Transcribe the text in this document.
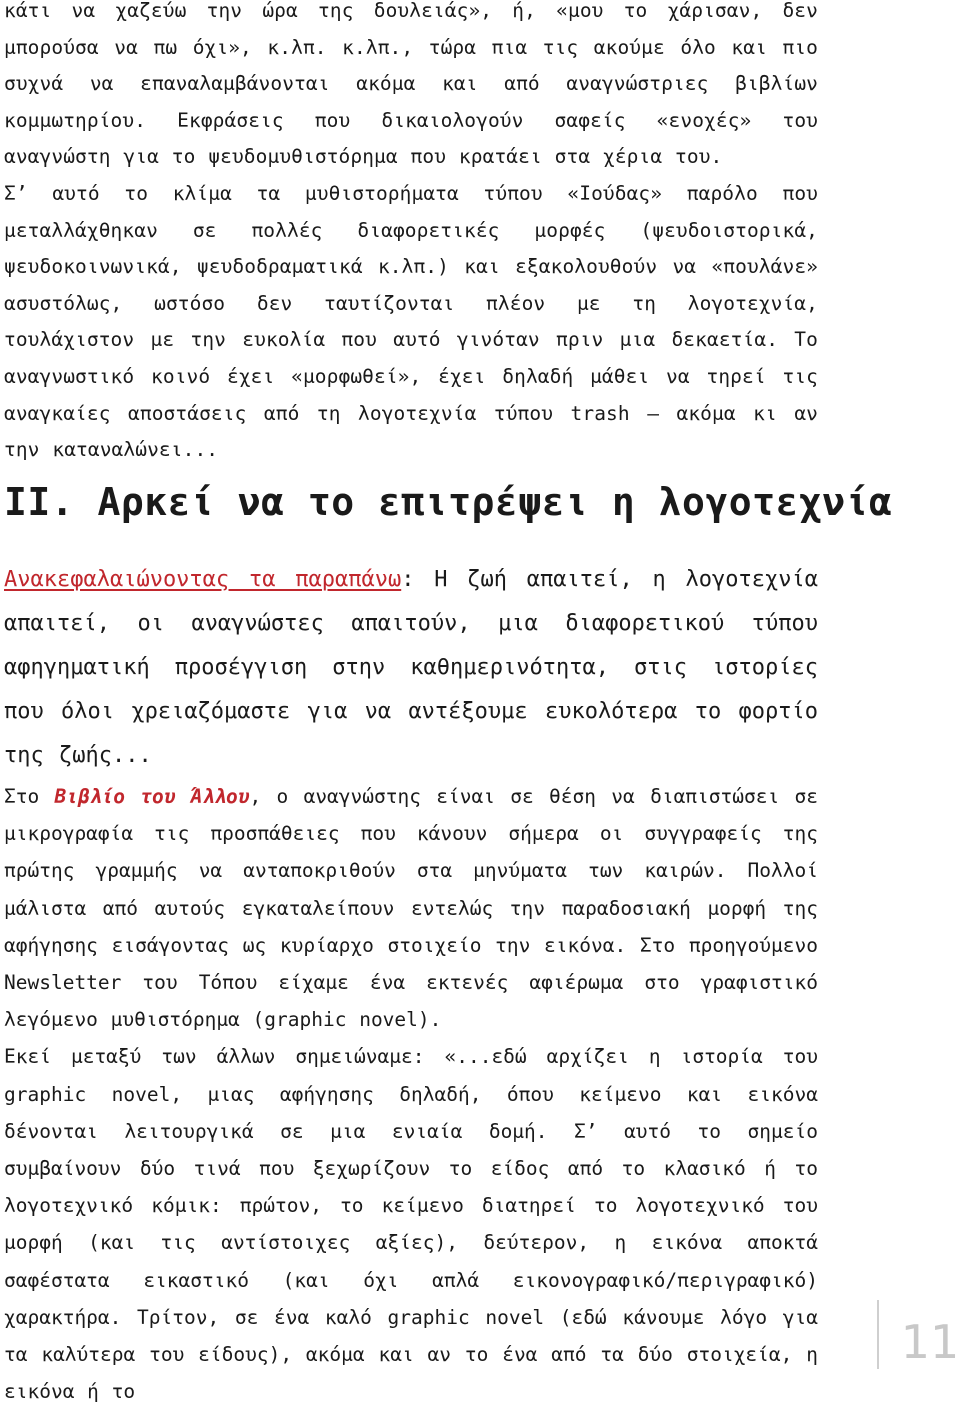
κάτι να χαζεύω την ώρα της δουλειάς», ή, «μου το χάρισαν, δεν μπορούσα να πω όχι», κ.λπ. κ.λπ., τώρα πια τις ακούμε όλο και πιο συχνά να επαναλαμβάνονται ακόμα και από αναγνώστριες βιβλίων κομμωτηρίου. Εκφράσεις που δικαιολογούν σαφείς «ενοχές» του αναγνώστη για το ψευδομυθιστόρημα που κρατάει στα χέρια του.

Σ’ αυτό το κλίμα τα μυθιστορήματα τύπου «Ιούδας» παρόλο που μεταλλάχθηκαν σε πολλές διαφορετικές μορφές (ψευδοιστορικά, ψευδοκοινωνικά, ψευδοδραματικά κ.λπ.) και εξακολουθούν να «πουλάνε» ασυστόλως, ωστόσο δεν ταυτίζονται πλέον με τη λογοτεχνία, τουλάχιστον με την ευκολία που αυτό γινόταν πριν μια δεκαετία. Το αναγνωστικό κοινό έχει «μορφωθεί», έχει δηλαδή μάθει να τηρεί τις αναγκαίες αποστάσεις από τη λογοτεχνία τύπου trash — ακόμα κι αν την καταναλώνει...

ΙΙ. Αρκεί να το επιτρέψει η λογοτεχνία

Ανακεφαλαιώνοντας τα παραπάνω: Η ζωή απαιτεί, η λογοτεχνία απαιτεί, οι αναγνώστες απαιτούν, μια διαφορετικού τύπου αφηγηματική προσέγγιση στην καθημερινότητα, στις ιστορίες που όλοι χρειαζόμαστε για να αντέξουμε ευκολότερα το φορτίο της ζωής...

Στο Βιβλίο του Άλλου, ο αναγνώστης είναι σε θέση να διαπιστώσει σε μικρογραφία τις προσπάθειες που κάνουν σήμερα οι συγγραφείς της πρώτης γραμμής να ανταποκριθούν στα μηνύματα των καιρών. Πολλοί μάλιστα από αυτούς εγκαταλείπουν εντελώς την παραδοσιακή μορφή της αφήγησης εισάγοντας ως κυρίαρχο στοιχείο την εικόνα. Στο προηγούμενο Newsletter του Τόπου είχαμε ένα εκτενές αφιέρωμα στο γραφιστικό λεγόμενο μυθιστόρημα (graphic novel).

Εκεί μεταξύ των άλλων σημειώναμε: «...εδώ αρχίζει η ιστορία του graphic novel, μιας αφήγησης δηλαδή, όπου κείμενο και εικόνα δένονται λειτουργικά σε μια ενιαία δομή. Σ’ αυτό το σημείο συμβαίνουν δύο τινά που ξεχωρίζουν το είδος από το κλασικό ή το λογοτεχνικό κόμικ: πρώτον, το κείμενο διατηρεί το λογοτεχνικό του μορφή (και τις αντίστοιχες αξίες), δεύτερον, η εικόνα αποκτά σαφέστατα εικαστικό (και όχι απλά εικονογραφικό/περιγραφικό) χαρακτήρα. Τρίτον, σε ένα καλό graphic novel (εδώ κάνουμε λόγο για τα καλύτερα του είδους), ακόμα και αν το ένα από τα δύο στοιχεία, η εικόνα ή το

11
